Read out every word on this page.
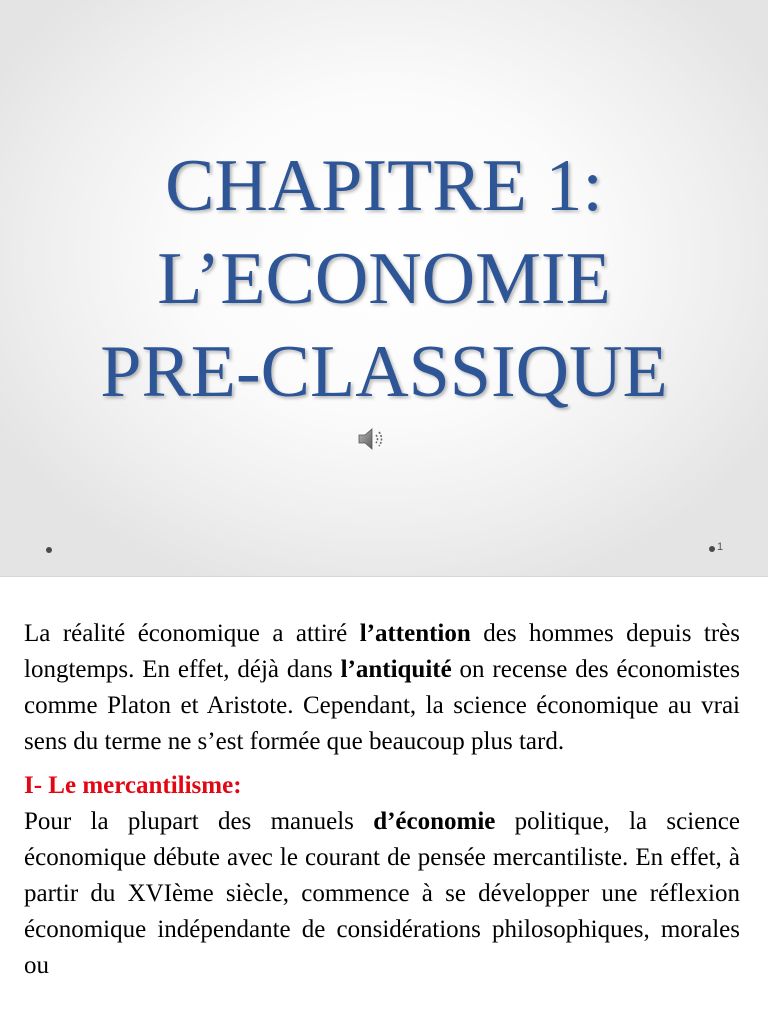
CHAPITRE 1:
L’ECONOMIE
PRE-CLASSIQUE
1

La réalité économique a attiré l’attention des hommes depuis très longtemps. En effet, déjà dans l’antiquité on recense des économistes comme Platon et Aristote. Cependant, la science économique au vrai sens du terme ne s’est formée que beaucoup plus tard.

I- Le mercantilisme:

Pour la plupart des manuels d’économie politique, la science économique débute avec le courant de pensée mercantiliste. En effet, à partir du XVIème siècle, commence à se développer une réflexion économique indépendante de considérations philosophiques, morales ou
